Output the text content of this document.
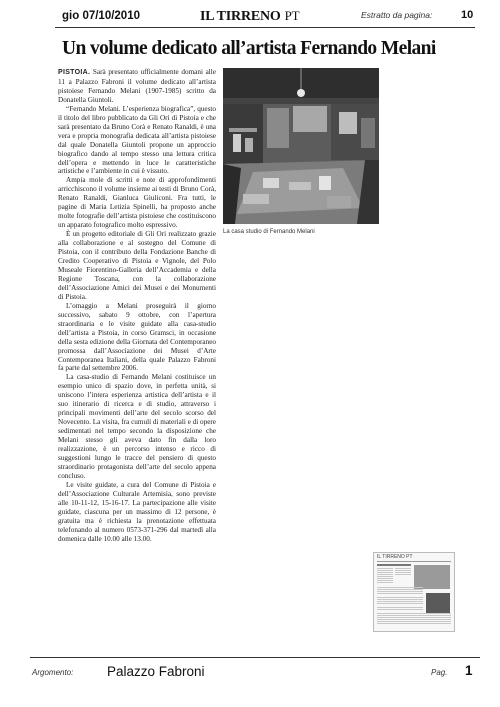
gio 07/10/2010	IL TIRRENO PT	Estratto da pagina:	10
Un volume dedicato all’artista Fernando Melani

PISTOIA. Sarà presentato ufficialmente domani alle 11 a Palazzo Fabroni il volume dedicato all’artista pistoiese Fernando Melani (1907-1985) scritto da Donatella Giuntoli.

“Fernando Melani. L’esperienza biografica”, questo il titolo del libro pubblicato da Gli Ori di Pistoia e che sarà presentato da Bruno Corà e Renato Ranaldi, è una vera e propria monografia dedicata all’artista pistoiese dal quale Donatella Giuntoli propone un approccio biografico dando al tempo stesso una lettura critica dell’opera e mettendo in luce le caratteristiche artistiche e l’ambiente in cui è vissuto.

Ampia mole di scritti e note di approfondimenti arricchiscono il volume insieme ai testi di Bruno Corà, Renato Ranaldi, Gianluca Giuliconi. Fra tutti, le pagine di Maria Letizia Spinelli, ha proposto anche molte fotografie dell’artista pistoiese che costituiscono un apparato fotografico molto espressivo.

È un progetto editoriale di Gli Ori realizzato grazie alla collaborazione e al sostegno del Comune di Pistoia, con il contributo della Fondazione Banche di Credito Cooperativo di Pistoia e Vignole, del Polo Museale Fiorentino-Galleria dell’Accademia e della Regione Toscana, con la collaborazione dell’Associazione Amici dei Musei e dei Monumenti di Pistoia.

L’omaggio a Melani proseguirà il giorno successivo, sabato 9 ottobre, con l’apertura straordinaria e le visite guidate alla casa-studio dell’artista a Pistoia, in corso Gramsci, in occasione della sesta edizione della Giornata del Contemporaneo promossa dall’Associazione dei Musei d’Arte Contemporanea Italiani, della quale Palazzo Fabroni fa parte dal settembre 2006.

La casa-studio di Fernando Melani costituisce un esempio unico di spazio dove, in perfetta unità, si uniscono l’intera esperienza artistica dell’artista e il suo itinerario di ricerca e di studio, attraverso i principali movimenti dell’arte del secolo scorso del Novecento. La visita, fra cumuli di materiali e di opere sedimentati nel tempo secondo la disposizione che Melani stesso gli aveva dato fin dalla loro realizzazione, è un percorso intenso e ricco di suggestioni lungo le tracce del pensiero di questo straordinario protagonista dell’arte del secolo appena concluso.

Le visite guidate, a cura del Comune di Pistoia e dell’Associazione Culturale Artemisia, sono previste alle 10-11-12, 15-16-17. La partecipazione alle visite guidate, ciascuna per un massimo di 12 persone, è gratuita ma è richiesta la prenotazione effettuata telefonando al numero 0573-371-296 dal martedì alla domenica dalle 10.00 alle 13.00.

La casa studio di Fernando Melani
IL TIRRENO PT
Argomento: Palazzo Fabroni	Pag. 1
